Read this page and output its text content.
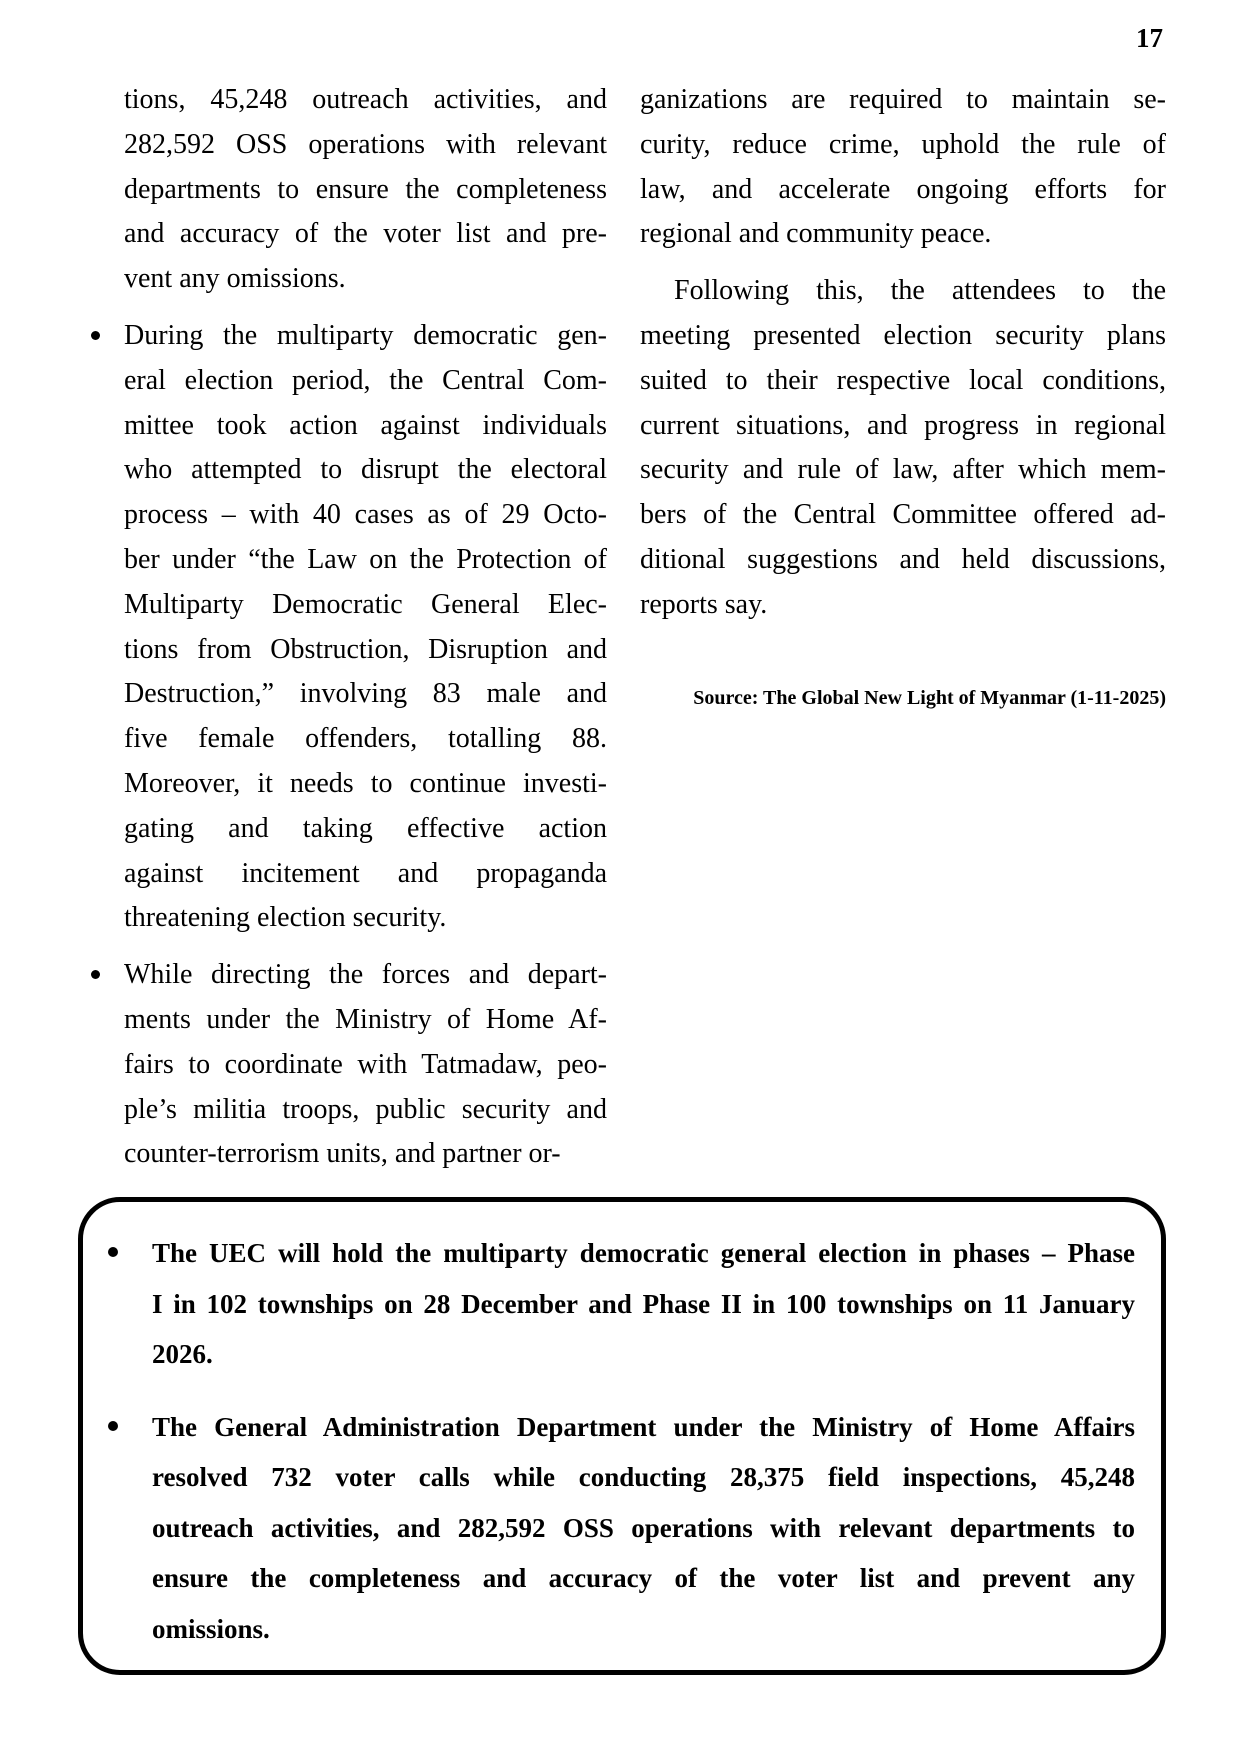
17
tions, 45,248 outreach activities, and
282,592 OSS operations with relevant
departments to ensure the completeness
and accuracy of the voter list and pre-
vent any omissions.
During the multiparty democratic gen-
eral election period, the Central Com-
mittee took action against individuals
who attempted to disrupt the electoral
process – with 40 cases as of 29 Octo-
ber under “the Law on the Protection of
Multiparty Democratic General Elec-
tions from Obstruction, Disruption and
Destruction,” involving 83 male and
five female offenders, totalling 88.
Moreover, it needs to continue investi-
gating and taking effective action
against incitement and propaganda
threatening election security.
While directing the forces and depart-
ments under the Ministry of Home Af-
fairs to coordinate with Tatmadaw, peo-
ple’s militia troops, public security and
counter-terrorism units, and partner or-
ganizations are required to maintain se-
curity, reduce crime, uphold the rule of
law, and accelerate ongoing efforts for
regional and community peace.
Following this, the attendees to the
meeting presented election security plans
suited to their respective local conditions,
current situations, and progress in regional
security and rule of law, after which mem-
bers of the Central Committee offered ad-
ditional suggestions and held discussions,
reports say.
Source: The Global New Light of Myanmar (1-11-2025)
The UEC will hold the multiparty democratic general election in phases – Phase
I in 102 townships on 28 December and Phase II in 100 townships on 11 January
2026.
The General Administration Department under the Ministry of Home Affairs
resolved 732 voter calls while conducting 28,375 field inspections, 45,248
outreach activities, and 282,592 OSS operations with relevant departments to
ensure the completeness and accuracy of the voter list and prevent any
omissions.
